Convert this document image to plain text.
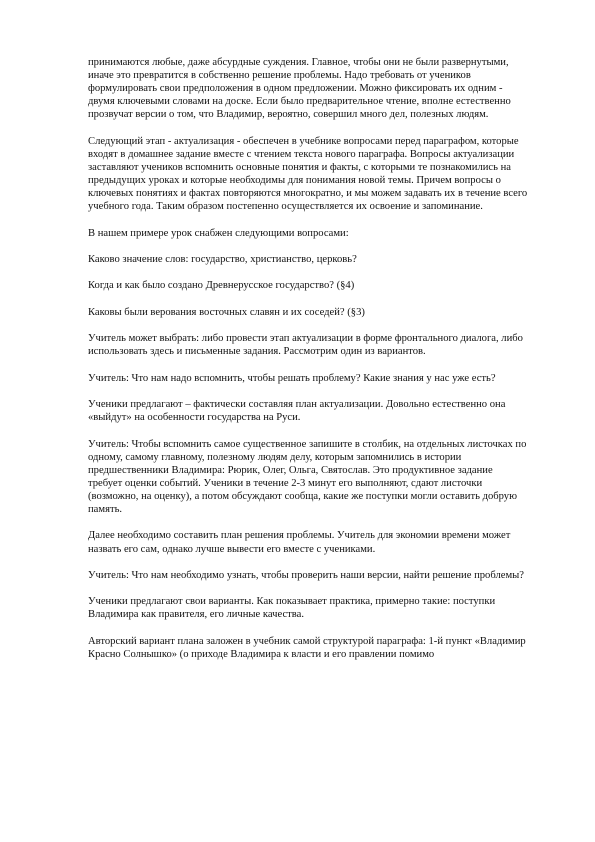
принимаются любые, даже абсурдные суждения. Главное, чтобы они не были развернутыми, иначе это превратится в собственно решение проблемы. Надо требовать от учеников формулировать свои предположения в одном предложении. Можно фиксировать их одним - двумя ключевыми словами на доске. Если было предварительное чтение, вполне естественно прозвучат версии о том, что Владимир, вероятно, совершил много дел, полезных людям.

Следующий этап - актуализация - обеспечен в учебнике вопросами перед параграфом, которые входят в домашнее задание вместе с чтением текста нового параграфа. Вопросы актуализации заставляют учеников вспомнить основные понятия и факты, с которыми те познакомились на предыдущих уроках и которые необходимы для понимания новой темы. Причем вопросы о ключевых понятиях и фактах повторяются многократно, и мы можем задавать их в течение всего учебного года. Таким образом постепенно осуществляется их освоение и запоминание.

В нашем примере урок снабжен следующими вопросами:

Каково значение слов: государство, христианство, церковь?

Когда и как было создано Древнерусское государство? (§4)

Каковы были верования восточных славян и их соседей? (§3)

Учитель может выбрать: либо провести этап актуализации в форме фронтального диалога, либо использовать здесь и письменные задания. Рассмотрим один из вариантов.

Учитель: Что нам надо вспомнить, чтобы решать проблему? Какие знания у нас уже есть?

Ученики предлагают – фактически составляя план актуализации. Довольно естественно она «выйдут» на особенности государства на Руси.

Учитель: Чтобы вспомнить самое существенное запишите в столбик, на отдельных листочках по одному, самому главному, полезному людям делу, которым запомнились в истории предшественники Владимира: Рюрик, Олег, Ольга, Святослав. Это продуктивное задание требует оценки событий. Ученики в течение 2-3 минут его выполняют, сдают листочки (возможно, на оценку), а потом обсуждают сообща, какие же поступки могли оставить добрую память.

Далее необходимо составить план решения проблемы. Учитель для экономии времени может назвать его сам, однако лучше вывести его вместе с учениками.

Учитель: Что нам необходимо узнать, чтобы проверить наши версии, найти решение проблемы?

Ученики предлагают свои варианты. Как показывает практика, примерно такие: поступки Владимира как правителя, его личные качества.

Авторский вариант плана заложен в учебник самой структурой параграфа: 1-й пункт «Владимир Красно Солнышко» (о приходе Владимира к власти и его правлении помимо
